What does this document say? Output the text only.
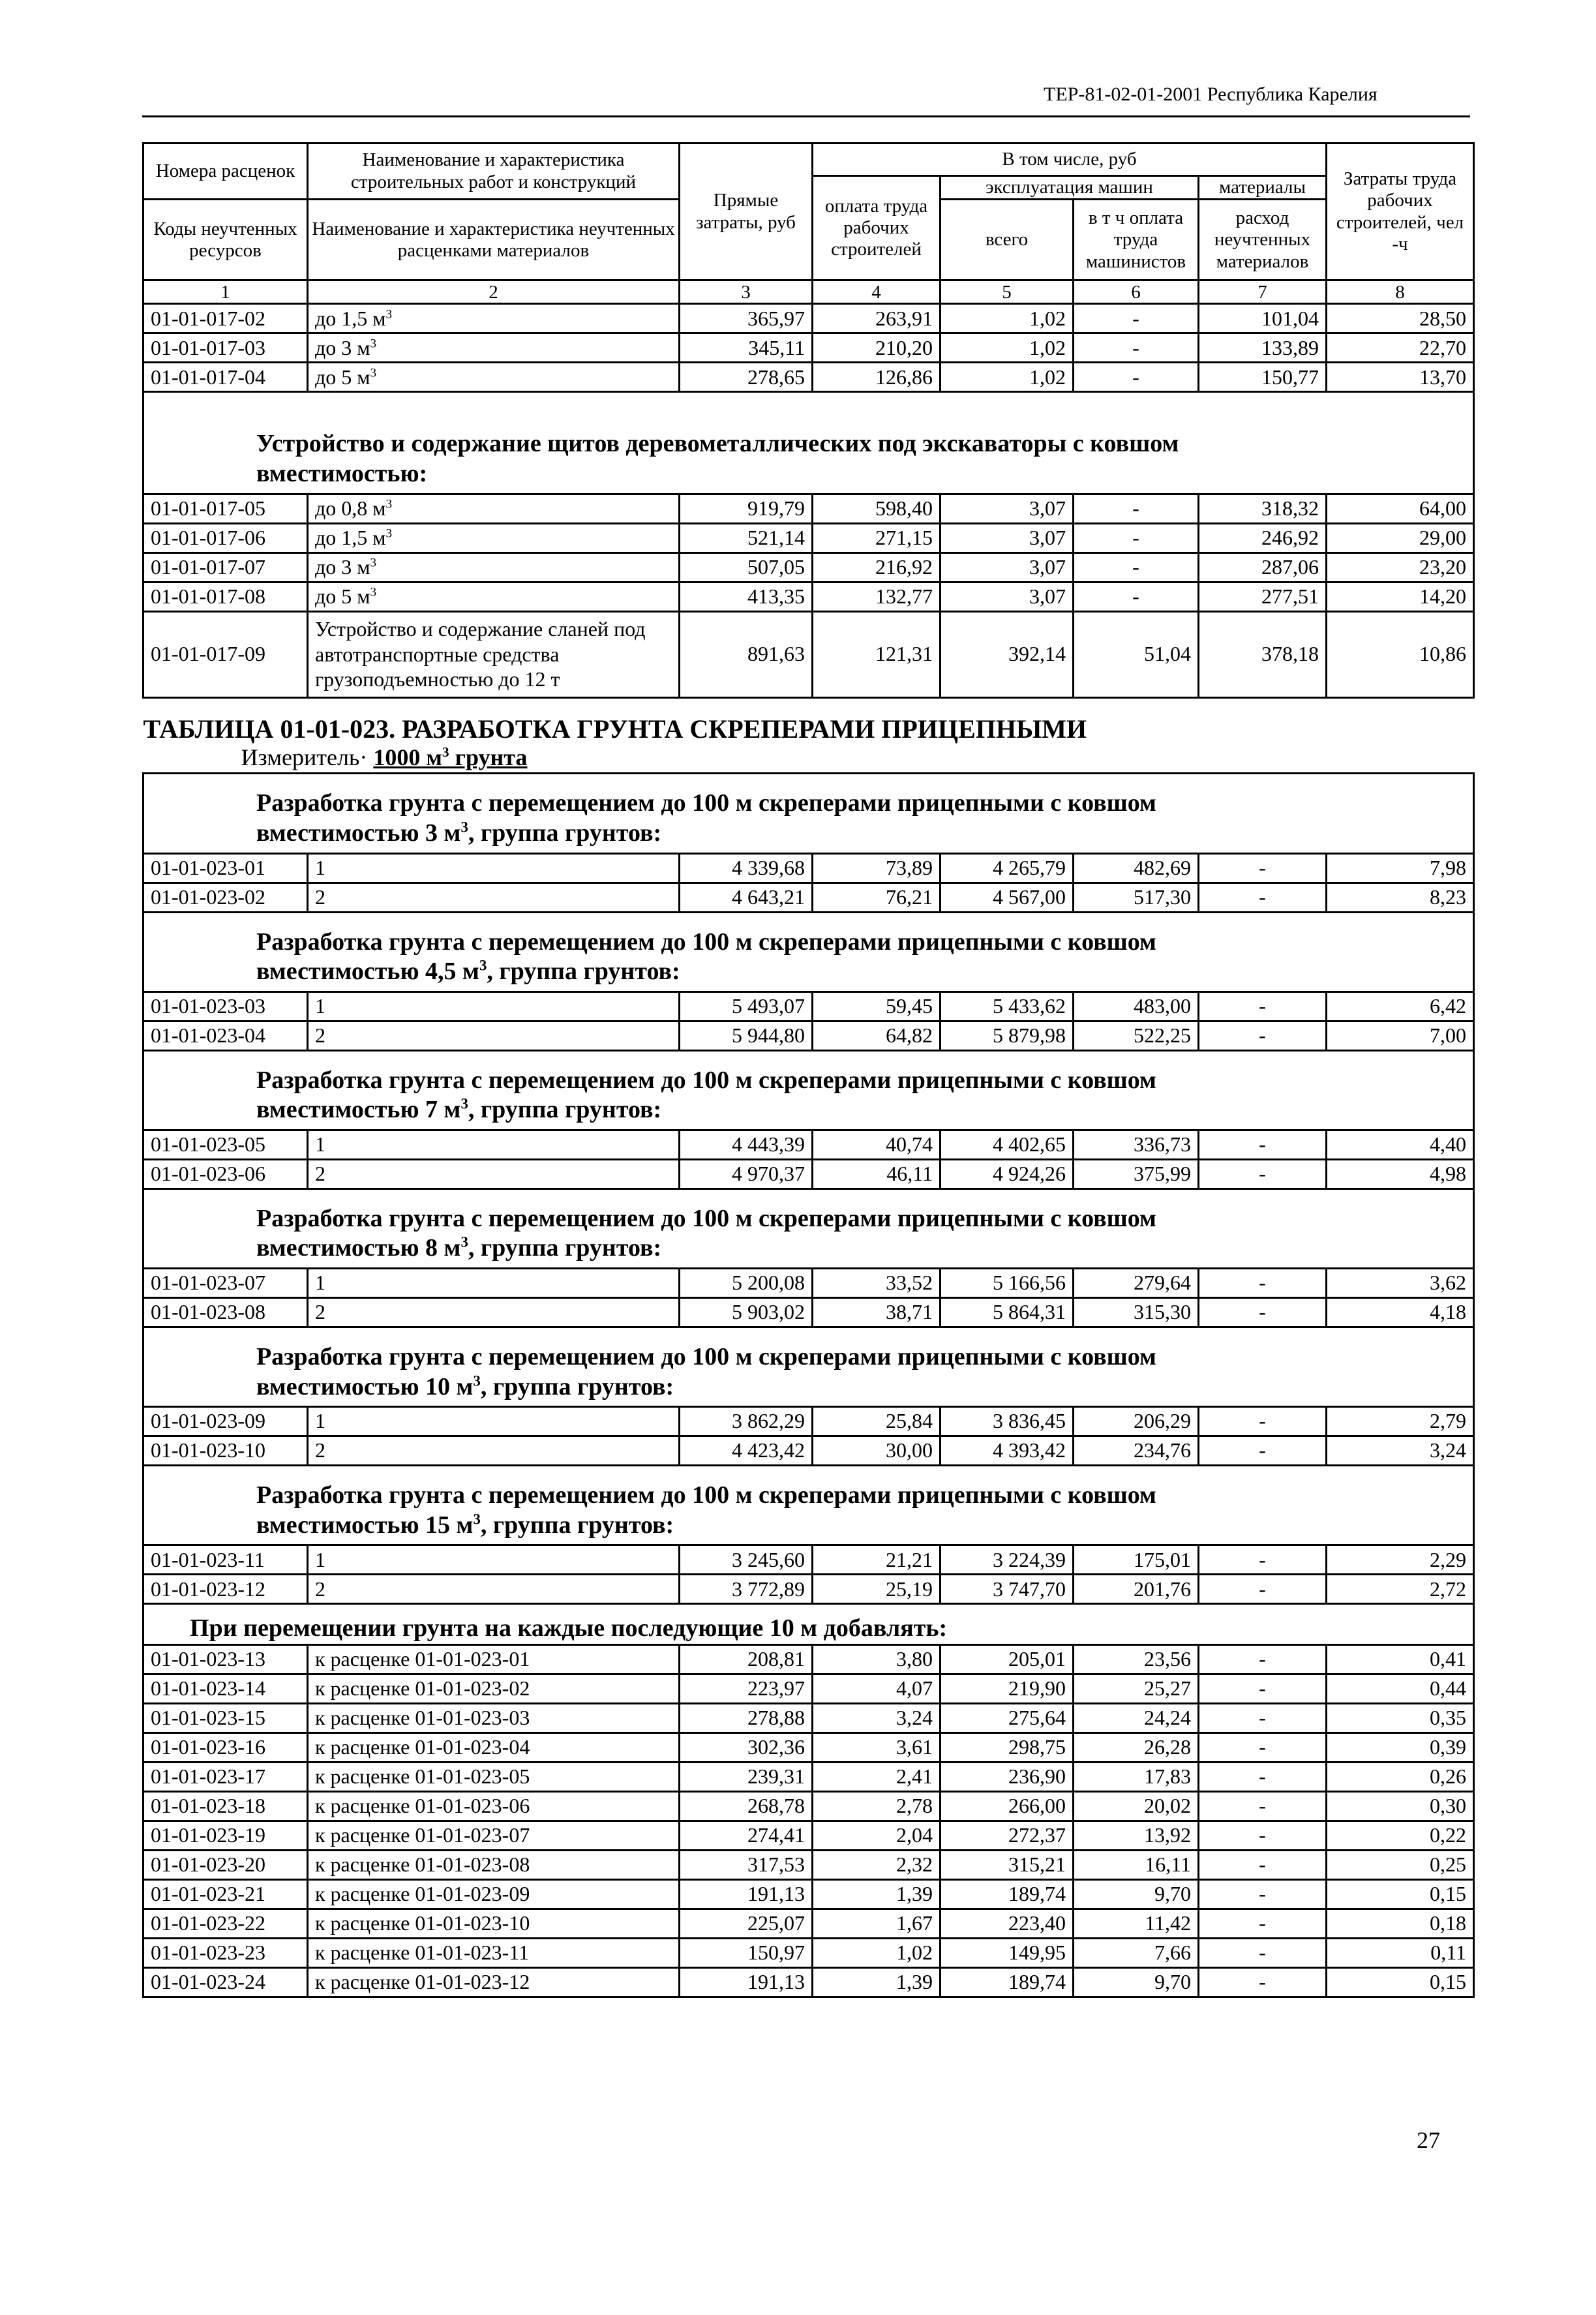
ТЕР-81-02-01-2001 Республика Карелия
Номера расценок	Наименование и характеристика строительных работ и конструкций	Прямые затраты, руб	В том числе, руб				Затраты труда рабочих строителей, чел -ч
			оплата труда рабочих строителей	эксплуатация машин		материалы	
Коды неучтенных ресурсов	Наименование и характеристика неучтенных расценками материалов			всего	в т ч оплата труда машинистов	расход неучтенных материалов	

1	2	3	4	5	6	7	8
01-01-017-02	до 1,5 $м^3$	365,97	263,91	1,02	-	101,04	28,50
01-01-017-03	до 3 $м^3$	345,11	210,20	1,02	-	133,89	22,70
01-01-017-04	до 5 $м^3$	278,65	126,86	1,02	-	150,77	13,70
Устройство и содержание щитов деревометаллических под экскаваторы с ковшом
вместимостью:							

01-01-017-05	до 0,8 $м^3$	919,79	598,40	3,07	-	318,32	64,00
01-01-017-06	до 1,5 $м^3$	521,14	271,15	3,07	-	246,92	29,00
01-01-017-07	до 3 $м^3$	507,05	216,92	3,07	-	287,06	23,20
01-01-017-08	до 5 $м^3$	413,35	132,77	3,07	-	277,51	14,20
01-01-017-09	Устройство и содержание сланей под автотранспортные средства грузоподъемностью до 12 т	891,63	121,31	392,14	51,04	378,18	10,86
ТАБЛИЦА 01-01-023. РАЗРАБОТКА ГРУНТА СКРЕПЕРАМИ ПРИЦЕПНЫМИ							
Измеритель· 1000 $м^3$ грунта							
Разработка грунта с перемещением до 100 м скреперами прицепными с ковшом
вместимостью 3 $м^3$, группа грунтов:							

01-01-023-01	1	4 339,68	73,89	4 265,79	482,69	-	7,98
01-01-023-02	2	4 643,21	76,21	4 567,00	517,30	-	8,23
Разработка грунта с перемещением до 100 м скреперами прицепными с ковшом
вместимостью 4,5 $м^3$, группа грунтов:							

01-01-023-03	1	5 493,07	59,45	5 433,62	483,00	-	6,42
01-01-023-04	2	5 944,80	64,82	5 879,98	522,25	-	7,00
Разработка грунта с перемещением до 100 м скреперами прицепными с ковшом
вместимостью 7 $м^3$, группа грунтов:							

01-01-023-05	1	4 443,39	40,74	4 402,65	336,73	-	4,40
01-01-023-06	2	4 970,37	46,11	4 924,26	375,99	-	4,98
Разработка грунта с перемещением до 100 м скреперами прицепными с ковшом
вместимостью 8 $м^3$, группа грунтов:							

01-01-023-07	1	5 200,08	33,52	5 166,56	279,64	-	3,62
01-01-023-08	2	5 903,02	38,71	5 864,31	315,30	-	4,18
Разработка грунта с перемещением до 100 м скреперами прицепными с ковшом
вместимостью 10 $м^3$, группа грунтов:							

01-01-023-09	1	3 862,29	25,84	3 836,45	206,29	-	2,79
01-01-023-10	2	4 423,42	30,00	4 393,42	234,76	-	3,24
Разработка грунта с перемещением до 100 м скреперами прицепными с ковшом
вместимостью 15 $м^3$, группа грунтов:							

01-01-023-11	1	3 245,60	21,21	3 224,39	175,01	-	2,29
01-01-023-12	2	3 772,89	25,19	3 747,70	201,76	-	2,72
При перемещении грунта на каждые последующие 10 м добавлять:							
01-01-023-13	к расценке 01-01-023-01	208,81	3,80	205,01	23,56	-	0,41
01-01-023-14	к расценке 01-01-023-02	223,97	4,07	219,90	25,27	-	0,44
01-01-023-15	к расценке 01-01-023-03	278,88	3,24	275,64	24,24	-	0,35
01-01-023-16	к расценке 01-01-023-04	302,36	3,61	298,75	26,28	-	0,39
01-01-023-17	к расценке 01-01-023-05	239,31	2,41	236,90	17,83	-	0,26
01-01-023-18	к расценке 01-01-023-06	268,78	2,78	266,00	20,02	-	0,30
01-01-023-19	к расценке 01-01-023-07	274,41	2,04	272,37	13,92	-	0,22
01-01-023-20	к расценке 01-01-023-08	317,53	2,32	315,21	16,11	-	0,25
01-01-023-21	к расценке 01-01-023-09	191,13	1,39	189,74	9,70	-	0,15
01-01-023-22	к расценке 01-01-023-10	225,07	1,67	223,40	11,42	-	0,18
01-01-023-23	к расценке 01-01-023-11	150,97	1,02	149,95	7,66	-	0,11
01-01-023-24	к расценке 01-01-023-12	191,13	1,39	189,74	9,70	-	0,15
27
